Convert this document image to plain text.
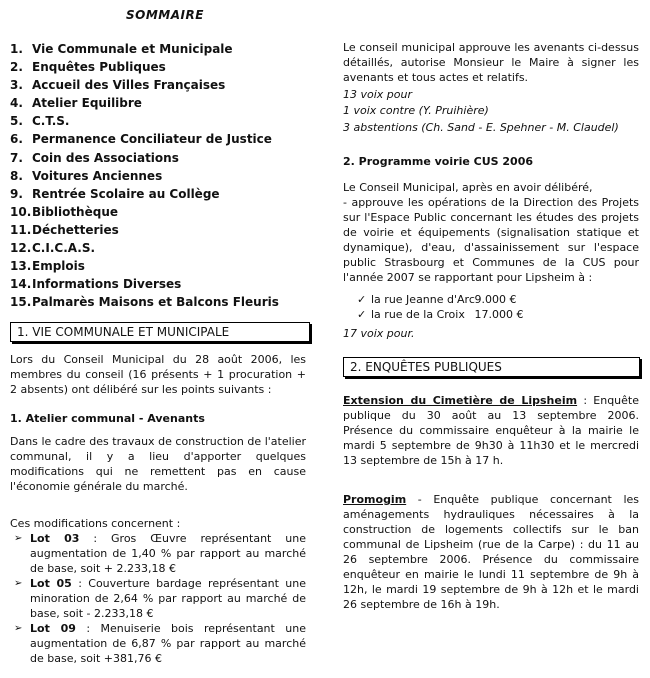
SOMMAIRE
1. Vie Communale et Municipale
2. Enquêtes Publiques
3. Accueil des Villes Françaises
4. Atelier Equilibre
5. C.T.S.
6. Permanence Conciliateur de Justice
7. Coin des Associations
8. Voitures Anciennes
9. Rentrée Scolaire au Collège
10.Bibliothèque
11.Déchetteries
12.C.I.C.A.S.
13.Emplois
14.Informations Diverses
15.Palmarès Maisons et Balcons Fleuris
1. VIE COMMUNALE ET MUNICIPALE

Lors du Conseil Municipal du 28 août 2006, les membres du conseil (16 présents + 1 procuration + 2 absents) ont délibéré sur les points suivants :

1. Atelier communal - Avenants

Dans le cadre des travaux de construction de l'atelier communal, il y a lieu d'apporter quelques modifications qui ne remettent pas en cause l'économie générale du marché.

Ces modifications concernent :

➢ Lot 03 : Gros Œuvre représentant une augmentation de 1,40 % par rapport au marché de base, soit + 2.233,18 €
➢ Lot 05 : Couverture bardage représentant une minoration de 2,64 % par rapport au marché de base, soit - 2.233,18 €
➢ Lot 09 : Menuiserie bois représentant une augmentation de 6,87 % par rapport au marché de base, soit +381,76 €

Le conseil municipal approuve les avenants ci-dessus détaillés, autorise Monsieur le Maire à signer les avenants et tous actes et relatifs.

13 voix pour

1 voix contre (Y. Pruihière)

3 abstentions (Ch. Sand - E. Spehner - M. Claudel)

2. Programme voirie CUS 2006

Le Conseil Municipal, après en avoir délibéré,

- approuve les opérations de la Direction des Projets sur l'Espace Public concernant les études des projets de voirie et équipements (signalisation statique et dynamique), d'eau, d'assainissement sur l'espace public Strasbourg et Communes de la CUS pour l'année 2007 se rapportant pour Lipsheim à :

✓ la rue Jeanne d'Arc 9.000 €
✓ la rue de la Croix 17.000 €

17 voix pour.

2. ENQUÊTES PUBLIQUES

Extension du Cimetière de Lipsheim : Enquête publique du 30 août au 13 septembre 2006. Présence du commissaire enquêteur à la mairie le mardi 5 septembre de 9h30 à 11h30 et le mercredi 13 septembre de 15h à 17 h.

Promogim - Enquête publique concernant les aménagements hydrauliques nécessaires à la construction de logements collectifs sur le ban communal de Lipsheim (rue de la Carpe) : du 11 au 26 septembre 2006. Présence du commissaire enquêteur en mairie le lundi 11 septembre de 9h à 12h, le mardi 19 septembre de 9h à 12h et le mardi 26 septembre de 16h à 19h.
